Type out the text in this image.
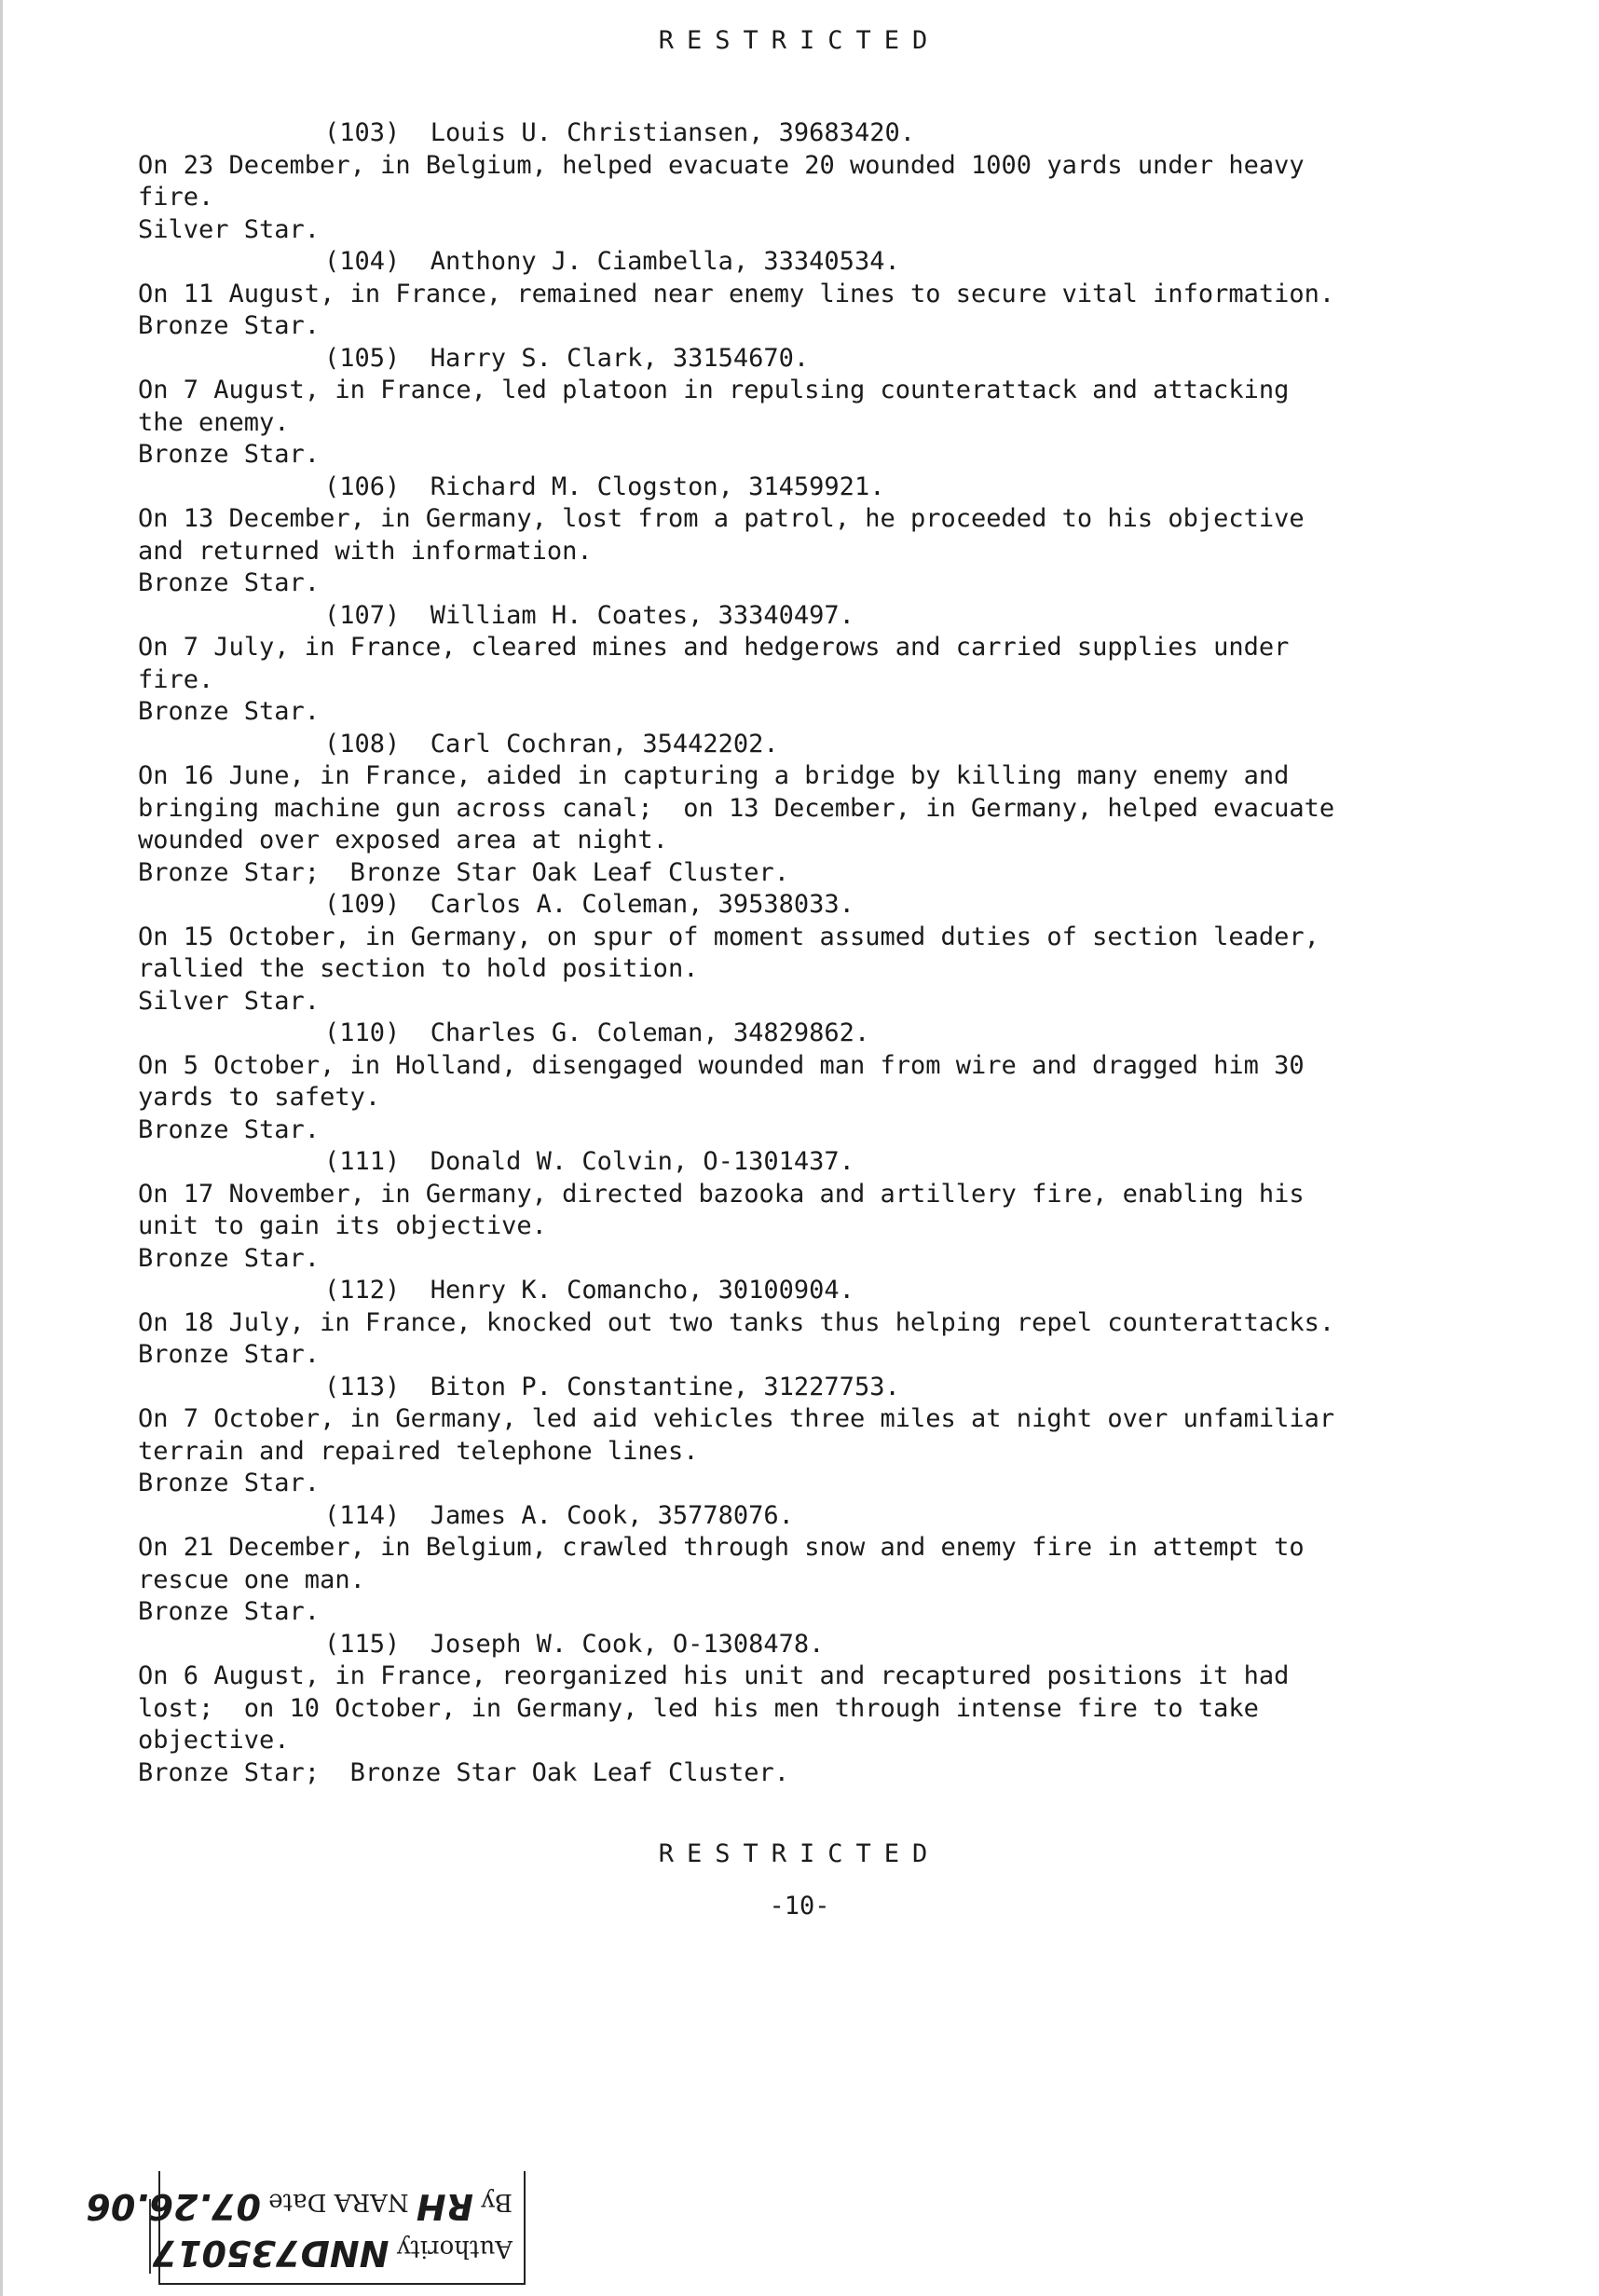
RESTRICTED
(103)  Louis U. Christiansen, 39683420.
On 23 December, in Belgium, helped evacuate 20 wounded 1000 yards under heavy
fire.
Silver Star.
(104)  Anthony J. Ciambella, 33340534.
On 11 August, in France, remained near enemy lines to secure vital information.
Bronze Star.
(105)  Harry S. Clark, 33154670.
On 7 August, in France, led platoon in repulsing counterattack and attacking
the enemy.
Bronze Star.
(106)  Richard M. Clogston, 31459921.
On 13 December, in Germany, lost from a patrol, he proceeded to his objective
and returned with information.
Bronze Star.
(107)  William H. Coates, 33340497.
On 7 July, in France, cleared mines and hedgerows and carried supplies under
fire.
Bronze Star.
(108)  Carl Cochran, 35442202.
On 16 June, in France, aided in capturing a bridge by killing many enemy and
bringing machine gun across canal;  on 13 December, in Germany, helped evacuate
wounded over exposed area at night.
Bronze Star;  Bronze Star Oak Leaf Cluster.
(109)  Carlos A. Coleman, 39538033.
On 15 October, in Germany, on spur of moment assumed duties of section leader,
rallied the section to hold position.
Silver Star.
(110)  Charles G. Coleman, 34829862.
On 5 October, in Holland, disengaged wounded man from wire and dragged him 30
yards to safety.
Bronze Star.
(111)  Donald W. Colvin, O-1301437.
On 17 November, in Germany, directed bazooka and artillery fire, enabling his
unit to gain its objective.
Bronze Star.
(112)  Henry K. Comancho, 30100904.
On 18 July, in France, knocked out two tanks thus helping repel counterattacks.
Bronze Star.
(113)  Biton P. Constantine, 31227753.
On 7 October, in Germany, led aid vehicles three miles at night over unfamiliar
terrain and repaired telephone lines.
Bronze Star.
(114)  James A. Cook, 35778076.
On 21 December, in Belgium, crawled through snow and enemy fire in attempt to
rescue one man.
Bronze Star.
(115)  Joseph W. Cook, O-1308478.
On 6 August, in France, reorganized his unit and recaptured positions it had
lost;  on 10 October, in Germany, led his men through intense fire to take
objective.
Bronze Star;  Bronze Star Oak Leaf Cluster.
RESTRICTED
-10-
Authority NND735017
By RH NARA Date 07.26.06
